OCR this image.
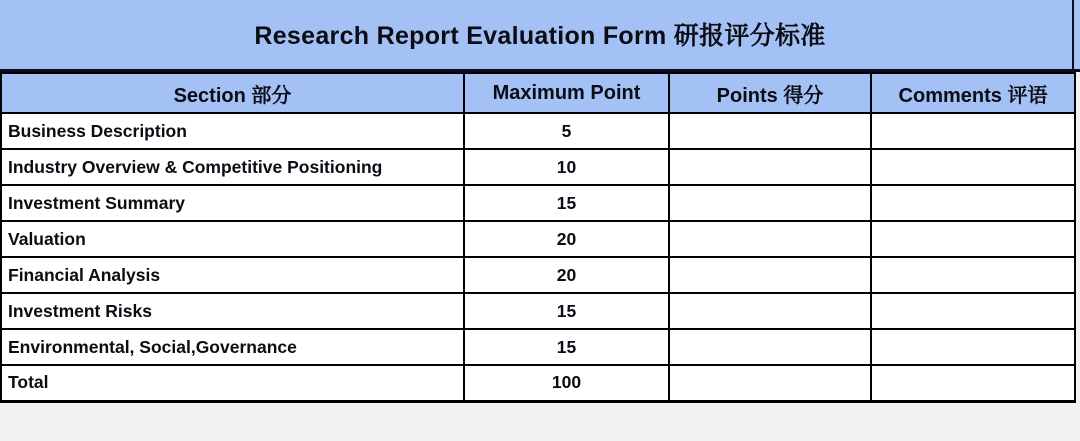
Research Report Evaluation Form 研报评分标准
Section 部分	Maximum Point	Points 得分	Comments 评语
Business Description	5		
Industry Overview & Competitive Positioning	10		
Investment Summary	15		
Valuation	20		
Financial Analysis	20		
Investment Risks	15		
Environmental, Social,Governance	15		
Total	100		
